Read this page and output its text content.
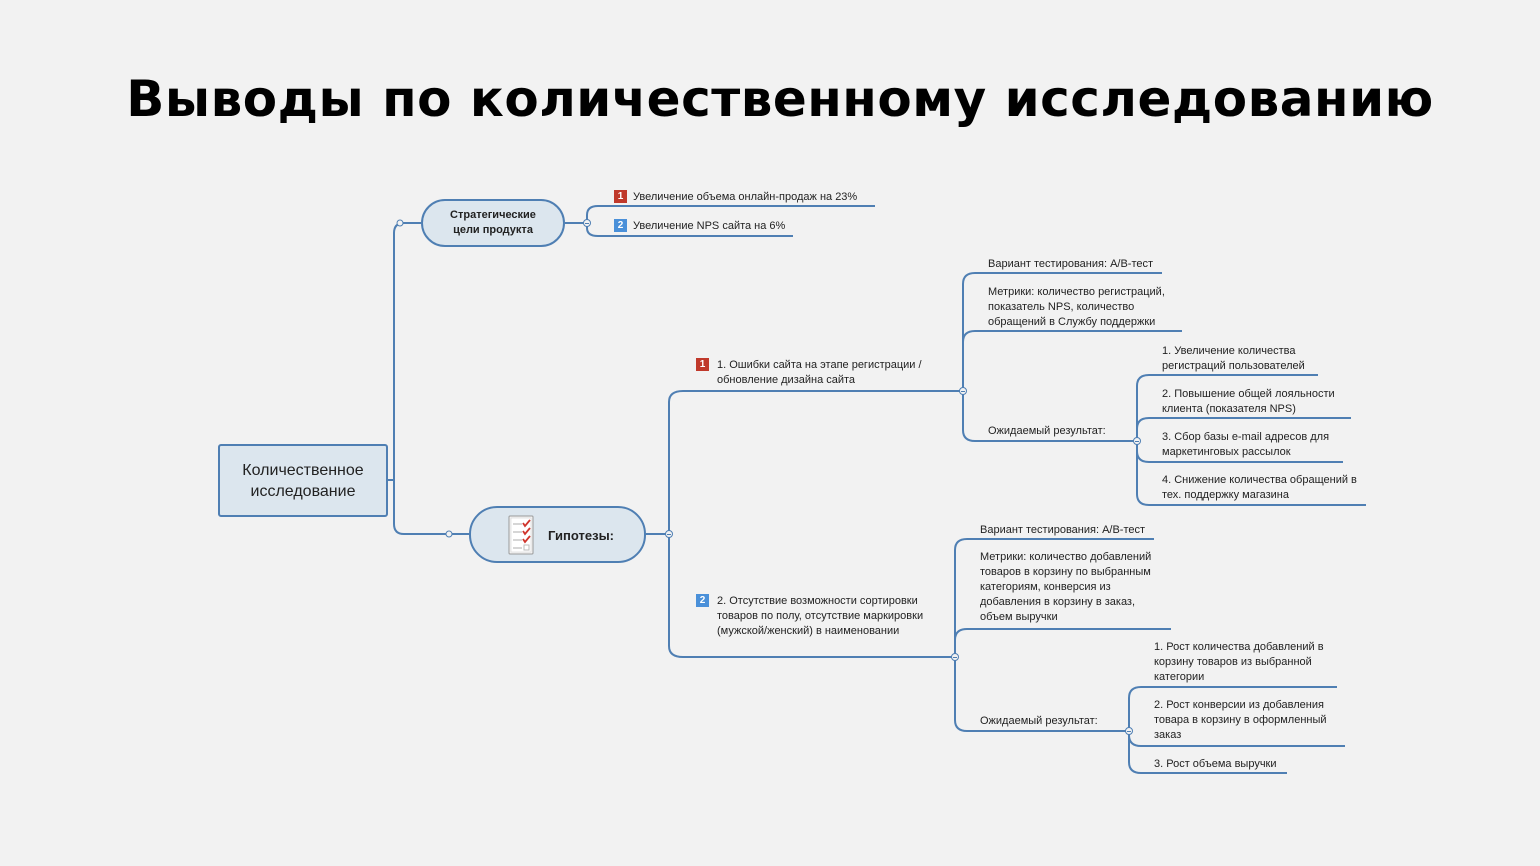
Выводы по количественному исследованию
Количественное исследование
Стратегические цели продукта
1 Увеличение объема онлайн-продаж на 23%
2 Увеличение NPS сайта на 6%
Гипотезы:
1	1. Ошибки сайта на этапе регистрации / обновление дизайна сайта
Вариант тестирования: A/B-тест
Метрики: количество регистраций, показатель NPS, количество обращений в Службу поддержки
Ожидаемый результат:
1. Увеличение количества регистраций пользователей
2. Повышение общей лояльности клиента (показателя NPS)
3. Сбор базы e-mail адресов для маркетинговых рассылок
4. Снижение количества обращений в тех. поддержку магазина
2	2. Отсутствие возможности сортировки товаров по полу, отсутствие маркировки (мужской/женский) в наименовании
Вариант тестирования: A/B-тест
Метрики: количество добавлений товаров в корзину по выбранным категориям, конверсия из добавления в корзину в заказ, объем выручки
Ожидаемый результат:
1. Рост количества добавлений в корзину товаров из выбранной категории
2. Рост конверсии из добавления товара в корзину в оформленный заказ
3. Рост объема выручки
